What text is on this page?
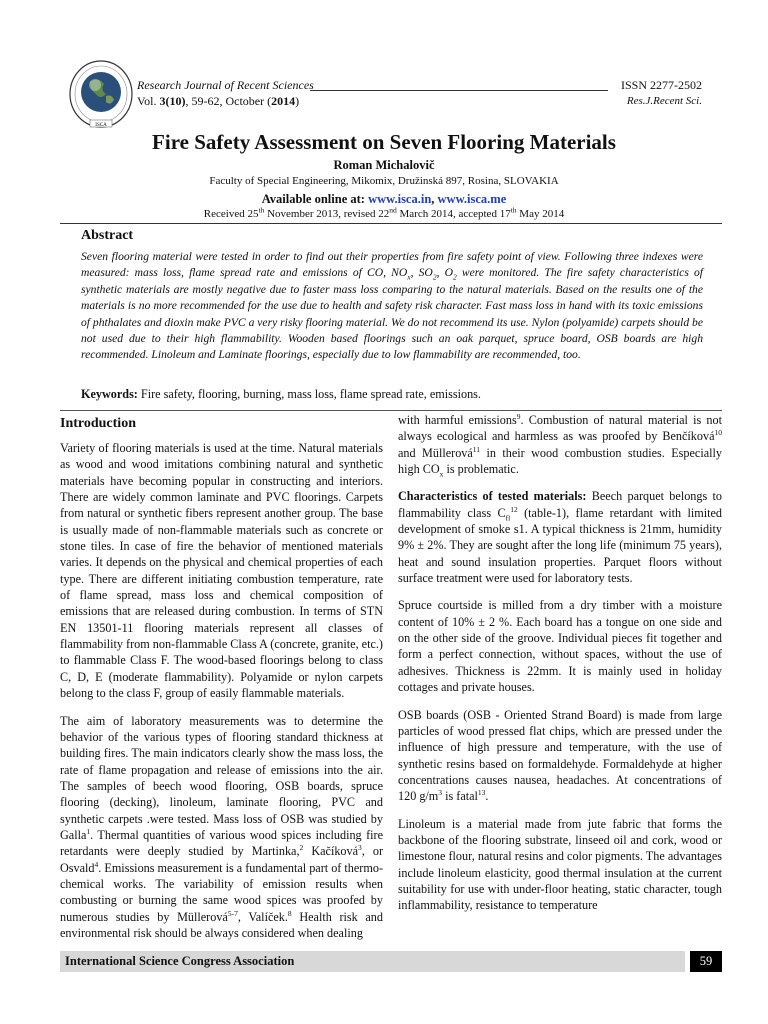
ISCA
Research Journal of Recent Sciences
Vol. 3(10), 59-62, October (2014)
ISSN 2277-2502
Res.J.Recent Sci.
Fire Safety Assessment on Seven Flooring Materials
Roman Michalovič
Faculty of Special Engineering, Mikomix, Družinská 897, Rosina, SLOVAKIA
Available online at: www.isca.in, www.isca.me
Received 25th November 2013, revised 22nd March 2014, accepted 17th May 2014
Abstract
Seven flooring material were tested in order to find out their properties from fire safety point of view. Following three indexes were measured: mass loss, flame spread rate and emissions of CO, $NO_x$, $SO_2$, $O_2$ were monitored. The fire safety characteristics of synthetic materials are mostly negative due to faster mass loss comparing to the natural materials. Based on the results one of the materials is no more recommended for the use due to health and safety risk character. Fast mass loss in hand with its toxic emissions of phthalates and dioxin make PVC a very risky flooring material. We do not recommend its use. Nylon (polyamide) carpets should be not used due to their high flammability. Wooden based floorings such an oak parquet, spruce board, OSB boards are high recommended. Linoleum and Laminate floorings, especially due to low flammability are recommended, too.
Keywords: Fire safety, flooring, burning, mass loss, flame spread rate, emissions.
Introduction

Variety of flooring materials is used at the time. Natural materials as wood and wood imitations combining natural and synthetic materials have becoming popular in constructing and interiors. There are widely common laminate and PVC floorings. Carpets from natural or synthetic fibers represent another group. The base is usually made of non-flammable materials such as concrete or stone tiles. In case of fire the behavior of mentioned materials varies. It depends on the physical and chemical properties of each type. There are different initiating combustion temperature, rate of flame spread, mass loss and chemical composition of emissions that are released during combustion. In terms of STN EN 13501-11 flooring materials represent all classes of flammability from non-flammable Class A (concrete, granite, etc.) to flammable Class F. The wood-based floorings belong to class C, D, E (moderate flammability). Polyamide or nylon carpets belong to the class F, group of easily flammable materials.

The aim of laboratory measurements was to determine the behavior of the various types of flooring standard thickness at building fires. The main indicators clearly show the mass loss, the rate of flame propagation and release of emissions into the air. The samples of beech wood flooring, OSB boards, spruce flooring (decking), linoleum, laminate flooring, PVC and synthetic carpets .were tested. Mass loss of OSB was studied by Galla$^1$. Thermal quantities of various wood spices including fire retardants were deeply studied by Martinka,$^2$ Kačíková$^3$, or Osvald$^4$. Emissions measurement is a fundamental part of thermo-chemical works. The variability of emission results when combusting or burning the same wood spices was proofed by numerous studies by Müllerová$^{5-7}$, Valíček.$^8$ Health risk and environmental risk should be always considered when dealing

with harmful emissions$^9$. Combustion of natural material is not always ecological and harmless as was proofed by Benčíková$^{10}$ and Müllerová$^{11}$ in their wood combustion studies. Especially high $CO_x$ is problematic.

Characteristics of tested materials: Beech parquet belongs to flammability class $C_{fl}^{12}$ (table-1), flame retardant with limited development of smoke s1. A typical thickness is 21mm, humidity 9% ± 2%. They are sought after the long life (minimum 75 years), heat and sound insulation properties. Parquet floors without surface treatment were used for laboratory tests.

Spruce courtside is milled from a dry timber with a moisture content of 10% ± 2 %. Each board has a tongue on one side and on the other side of the groove. Individual pieces fit together and form a perfect connection, without spaces, without the use of adhesives. Thickness is 22mm. It is mainly used in holiday cottages and private houses.

OSB boards (OSB - Oriented Strand Board) is made from large particles of wood pressed flat chips, which are pressed under the influence of high pressure and temperature, with the use of synthetic resins based on formaldehyde. Formaldehyde at higher concentrations causes nausea, headaches. At concentrations of 120 $g/m^3$ is fatal$^{13}$.

Linoleum is a material made from jute fabric that forms the backbone of the flooring substrate, linseed oil and cork, wood or limestone flour, natural resins and color pigments. The advantages include linoleum elasticity, good thermal insulation at the current suitability for use with under-floor heating, static character, tough inflammability, resistance to temperature

International Science Congress Association	59
